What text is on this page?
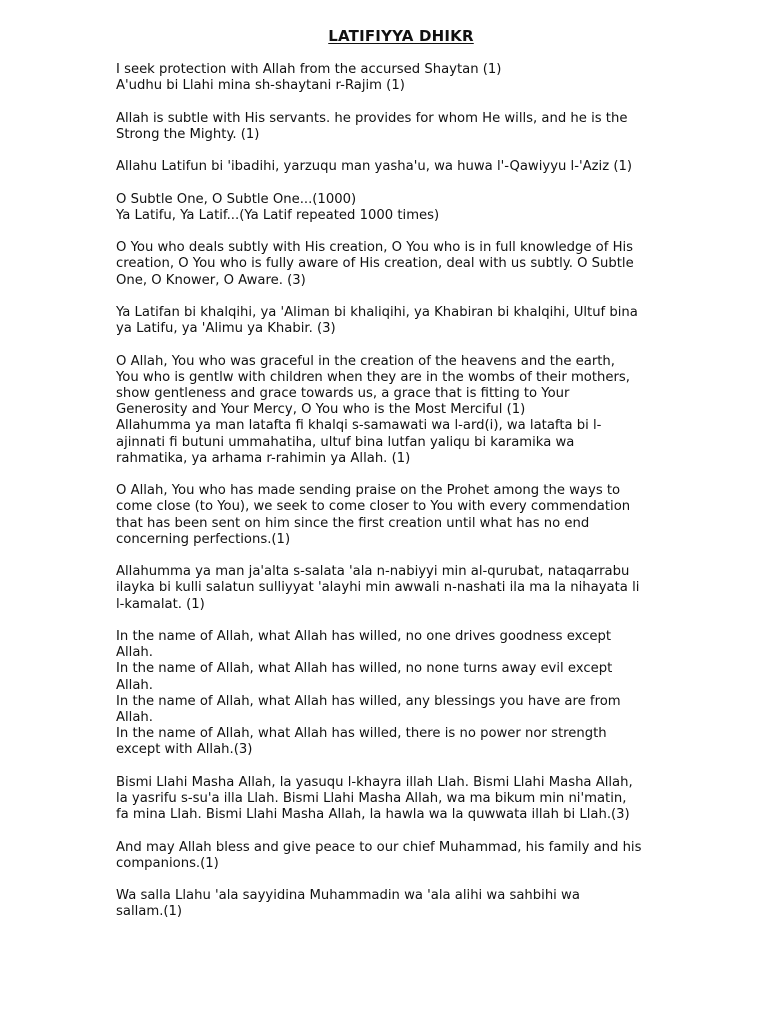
LATIFIYYA DHIKR
I seek protection with Allah from the accursed Shaytan (1)
A'udhu bi Llahi mina sh-shaytani r-Rajim (1)
Allah is subtle with His servants. he provides for whom He wills, and he is the
Strong the Mighty. (1)
Allahu Latifun bi 'ibadihi, yarzuqu man yasha'u, wa huwa l'-Qawiyyu l-'Aziz (1)
O Subtle One, O Subtle One...(1000)
Ya Latifu, Ya Latif...(Ya Latif repeated 1000 times)
O You who deals subtly with His creation, O You who is in full knowledge of His
creation, O You who is fully aware of His creation, deal with us subtly. O Subtle
One, O Knower, O Aware. (3)
Ya Latifan bi khalqihi, ya 'Aliman bi khaliqihi, ya Khabiran bi khalqihi, Ultuf bina
ya Latifu, ya 'Alimu ya Khabir. (3)
O Allah, You who was graceful in the creation of the heavens and the earth,
You who is gentlw with children when they are in the wombs of their mothers,
show gentleness and grace towards us, a grace that is fitting to Your
Generosity and Your Mercy, O You who is the Most Merciful (1)
Allahumma ya man latafta fi khalqi s-samawati wa l-ard(i), wa latafta bi l-
ajinnati fi butuni ummahatiha, ultuf bina lutfan yaliqu bi karamika wa
rahmatika, ya arhama r-rahimin ya Allah. (1)
O Allah, You who has made sending praise on the Prohet among the ways to
come close (to You), we seek to come closer to You with every commendation
that has been sent on him since the first creation until what has no end
concerning perfections.(1)
Allahumma ya man ja'alta s-salata 'ala n-nabiyyi min al-qurubat, nataqarrabu
ilayka bi kulli salatun sulliyyat 'alayhi min awwali n-nashati ila ma la nihayata li
l-kamalat. (1)
In the name of Allah, what Allah has willed, no one drives goodness except
Allah.
In the name of Allah, what Allah has willed, no none turns away evil except
Allah.
In the name of Allah, what Allah has willed, any blessings you have are from
Allah.
In the name of Allah, what Allah has willed, there is no power nor strength
except with Allah.(3)
Bismi Llahi Masha Allah, la yasuqu l-khayra illah Llah. Bismi Llahi Masha Allah,
la yasrifu s-su'a illa Llah. Bismi Llahi Masha Allah, wa ma bikum min ni'matin,
fa mina Llah. Bismi Llahi Masha Allah, la hawla wa la quwwata illah bi Llah.(3)
And may Allah bless and give peace to our chief Muhammad, his family and his
companions.(1)
Wa salla Llahu 'ala sayyidina Muhammadin wa 'ala alihi wa sahbihi wa
sallam.(1)
